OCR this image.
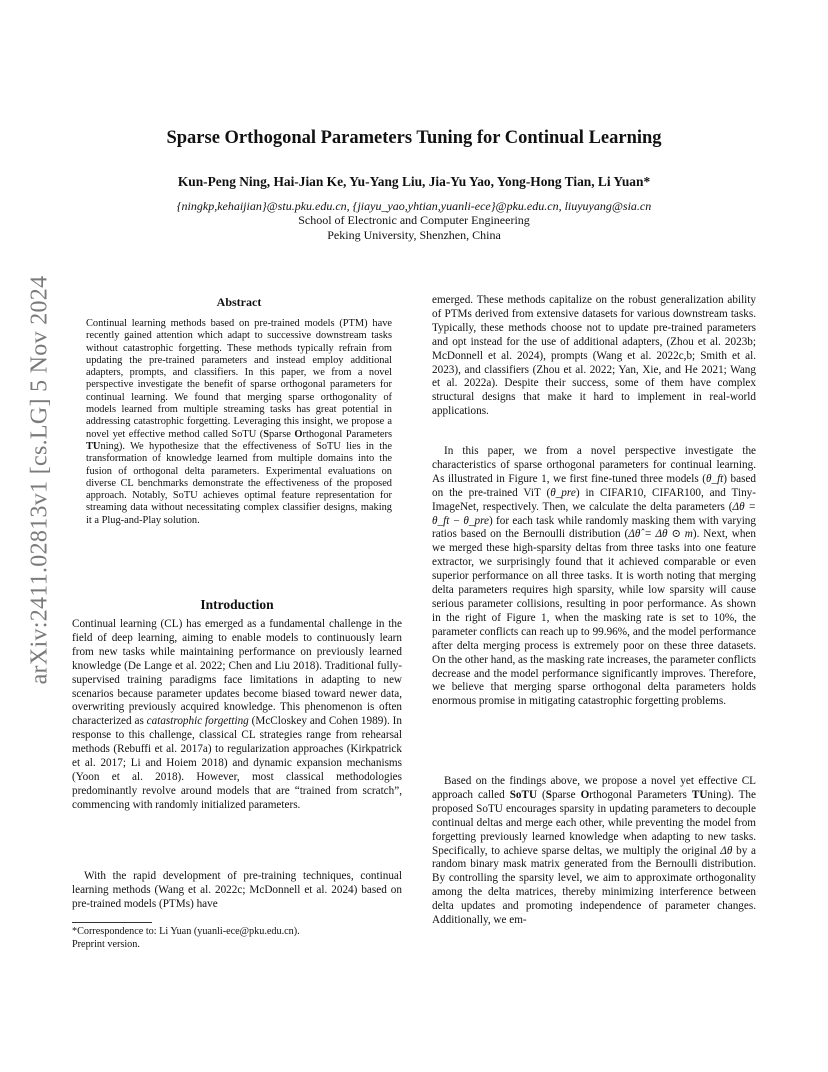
arXiv:2411.02813v1 [cs.LG] 5 Nov 2024
Sparse Orthogonal Parameters Tuning for Continual Learning
Kun-Peng Ning, Hai-Jian Ke, Yu-Yang Liu, Jia-Yu Yao, Yong-Hong Tian, Li Yuan*
{ningkp,kehaijian}@stu.pku.edu.cn, {jiayu_yao,yhtian,yuanli-ece}@pku.edu.cn, liuyuyang@sia.cn
School of Electronic and Computer Engineering
Peking University, Shenzhen, China
Abstract

Continual learning methods based on pre-trained models (PTM) have recently gained attention which adapt to successive downstream tasks without catastrophic forgetting. These methods typically refrain from updating the pre-trained parameters and instead employ additional adapters, prompts, and classifiers. In this paper, we from a novel perspective investigate the benefit of sparse orthogonal parameters for continual learning. We found that merging sparse orthogonality of models learned from multiple streaming tasks has great potential in addressing catastrophic forgetting. Leveraging this insight, we propose a novel yet effective method called SoTU (Sparse Orthogonal Parameters TUning). We hypothesize that the effectiveness of SoTU lies in the transformation of knowledge learned from multiple domains into the fusion of orthogonal delta parameters. Experimental evaluations on diverse CL benchmarks demonstrate the effectiveness of the proposed approach. Notably, SoTU achieves optimal feature representation for streaming data without necessitating complex classifier designs, making it a Plug-and-Play solution.

Introduction

Continual learning (CL) has emerged as a fundamental challenge in the field of deep learning, aiming to enable models to continuously learn from new tasks while maintaining performance on previously learned knowledge (De Lange et al. 2022; Chen and Liu 2018). Traditional fully-supervised training paradigms face limitations in adapting to new scenarios because parameter updates become biased toward newer data, overwriting previously acquired knowledge. This phenomenon is often characterized as catastrophic forgetting (McCloskey and Cohen 1989). In response to this challenge, classical CL strategies range from rehearsal methods (Rebuffi et al. 2017a) to regularization approaches (Kirkpatrick et al. 2017; Li and Hoiem 2018) and dynamic expansion mechanisms (Yoon et al. 2018). However, most classical methodologies predominantly revolve around models that are “trained from scratch”, commencing with randomly initialized parameters.

With the rapid development of pre-training techniques, continual learning methods (Wang et al. 2022c; McDonnell et al. 2024) based on pre-trained models (PTMs) have

*Correspondence to: Li Yuan (yuanli-ece@pku.edu.cn).
Preprint version.

emerged. These methods capitalize on the robust generalization ability of PTMs derived from extensive datasets for various downstream tasks. Typically, these methods choose not to update pre-trained parameters and opt instead for the use of additional adapters, (Zhou et al. 2023b; McDonnell et al. 2024), prompts (Wang et al. 2022c,b; Smith et al. 2023), and classifiers (Zhou et al. 2022; Yan, Xie, and He 2021; Wang et al. 2022a). Despite their success, some of them have complex structural designs that make it hard to implement in real-world applications.

In this paper, we from a novel perspective investigate the characteristics of sparse orthogonal parameters for continual learning. As illustrated in Figure 1, we first fine-tuned three models (θ_ft) based on the pre-trained ViT (θ_pre) in CIFAR10, CIFAR100, and Tiny-ImageNet, respectively. Then, we calculate the delta parameters (Δθ = θ_ft − θ_pre) for each task while randomly masking them with varying ratios based on the Bernoulli distribution (Δθ̂ = Δθ ⊙ m). Next, when we merged these high-sparsity deltas from three tasks into one feature extractor, we surprisingly found that it achieved comparable or even superior performance on all three tasks. It is worth noting that merging delta parameters requires high sparsity, while low sparsity will cause serious parameter collisions, resulting in poor performance. As shown in the right of Figure 1, when the masking rate is set to 10%, the parameter conflicts can reach up to 99.96%, and the model performance after delta merging process is extremely poor on these three datasets. On the other hand, as the masking rate increases, the parameter conflicts decrease and the model performance significantly improves. Therefore, we believe that merging sparse orthogonal delta parameters holds enormous promise in mitigating catastrophic forgetting problems.

Based on the findings above, we propose a novel yet effective CL approach called SoTU (Sparse Orthogonal Parameters TUning). The proposed SoTU encourages sparsity in updating parameters to decouple continual deltas and merge each other, while preventing the model from forgetting previously learned knowledge when adapting to new tasks. Specifically, to achieve sparse deltas, we multiply the original Δθ by a random binary mask matrix generated from the Bernoulli distribution. By controlling the sparsity level, we aim to approximate orthogonality among the delta matrices, thereby minimizing interference between delta updates and promoting independence of parameter changes. Additionally, we em-
